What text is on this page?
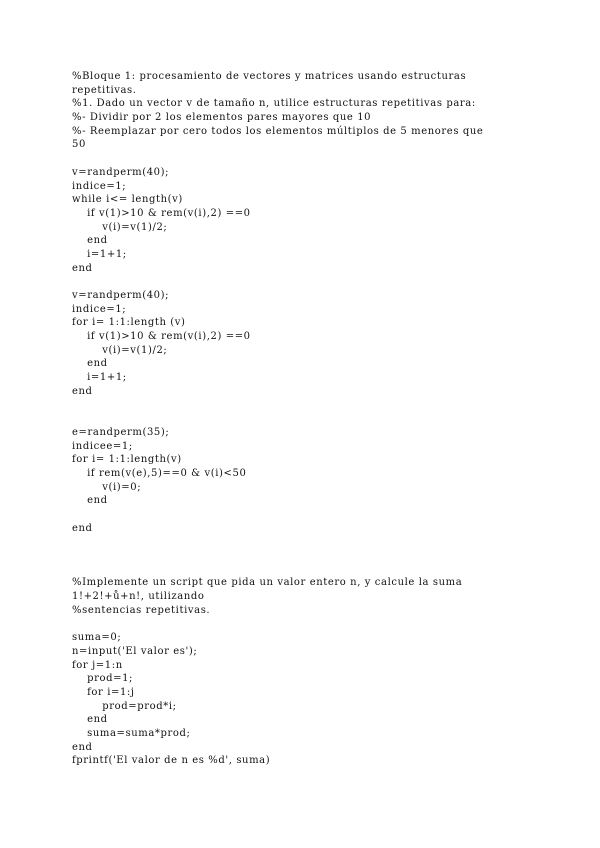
%Bloque 1: procesamiento de vectores y matrices usando estructuras
repetitivas.
%1. Dado un vector v de tamaño n, utilice estructuras repetitivas para:
%- Dividir por 2 los elementos pares mayores que 10
%- Reemplazar por cero todos los elementos múltiplos de 5 menores que
50
v=randperm(40);
indice=1;
while i<= length(v)
if v(1)>10 & rem(v(i),2) ==0
v(i)=v(1)/2;
end
i=1+1;
end
v=randperm(40);
indice=1;
for i= 1:1:length (v)
if v(1)>10 & rem(v(i),2) ==0
v(i)=v(1)/2;
end
i=1+1;
end
e=randperm(35);
indicee=1;
for i= 1:1:length(v)
if rem(v(e),5)==0 & v(i)<50
v(i)=0;
end
end
%Implemente un script que pida un valor entero n, y calcule la suma
1!+2!+ů+n!, utilizando
%sentencias repetitivas.
suma=0;
n=input('El valor es');
for j=1:n
prod=1;
for i=1:j
prod=prod*i;
end
suma=suma*prod;
end
fprintf('El valor de n es %d', suma)
